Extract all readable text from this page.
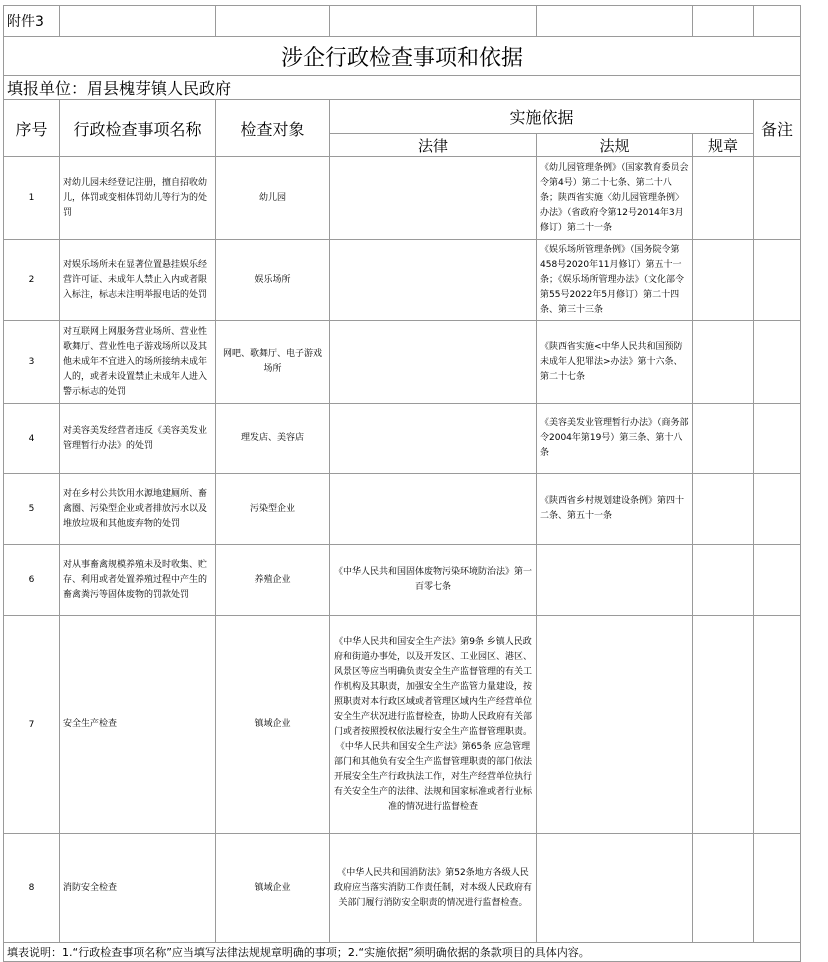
附件3						
涉企行政检查事项和依据						
填报单位：眉县槐芽镇人民政府						
序号	行政检查事项名称	检查对象	实施依据			备注
			法律	法规	规章	
1	对幼儿园未经登记注册，擅自招收幼儿，体罚或变相体罚幼儿等行为的处罚	幼儿园		《幼儿园管理条例》（国家教育委员会令第4号）第二十七条、第二十八条；陕西省实施〈幼儿园管理条例〉办法》（省政府令第12号2014年3月修订）第二十一条		
2	对娱乐场所未在显著位置悬挂娱乐经营许可证、未成年人禁止入内或者限入标注，标志未注明举报电话的处罚	娱乐场所		《娱乐场所管理条例》（国务院令第458号2020年11月修订）第五十一条；《娱乐场所管理办法》（文化部令第55号2022年5月修订）第二十四条、第三十三条		
3	对互联网上网服务营业场所、营业性歌舞厅、营业性电子游戏场所以及其他未成年不宜进入的场所接纳未成年人的，或者未设置禁止未成年人进入警示标志的处罚	网吧、歌舞厅、电子游戏场所		《陕西省实施<中华人民共和国预防未成年人犯罪法>办法》第十六条、第二十七条		
4	对美容美发经营者违反《美容美发业管理暂行办法》的处罚	理发店、美容店		《美容美发业管理暂行办法》（商务部令2004年第19号）第三条、第十八条		
5	对在乡村公共饮用水源地建厕所、畜禽圈、污染型企业或者排放污水以及堆放垃圾和其他废弃物的处罚	污染型企业		《陕西省乡村规划建设条例》第四十二条、第五十一条		
6	对从事畜禽规模养殖未及时收集、贮存、利用或者处置养殖过程中产生的畜禽粪污等固体废物的罚款处罚	养殖企业	《中华人民共和国固体废物污染环境防治法》第一百零七条			
7	安全生产检查	镇域企业	《中华人民共和国安全生产法》第9条 乡镇人民政府和街道办事处，以及开发区、工业园区、港区、风景区等应当明确负责安全生产监督管理的有关工作机构及其职责，加强安全生产监管力量建设，按照职责对本行政区域或者管理区域内生产经营单位安全生产状况进行监督检查，协助人民政府有关部门或者按照授权依法履行安全生产监督管理职责。
《中华人民共和国安全生产法》第65条 应急管理部门和其他负有安全生产监督管理职责的部门依法开展安全生产行政执法工作，对生产经营单位执行有关安全生产的法律、法规和国家标准或者行业标准的情况进行监督检查			
8	消防安全检查	镇域企业	《中华人民共和国消防法》第52条地方各级人民政府应当落实消防工作责任制，对本级人民政府有关部门履行消防安全职责的情况进行监督检查。			
填表说明：1.“行政检查事项名称”应当填写法律法规规章明确的事项；2.“实施依据”须明确依据的条款项目的具体内容。						
